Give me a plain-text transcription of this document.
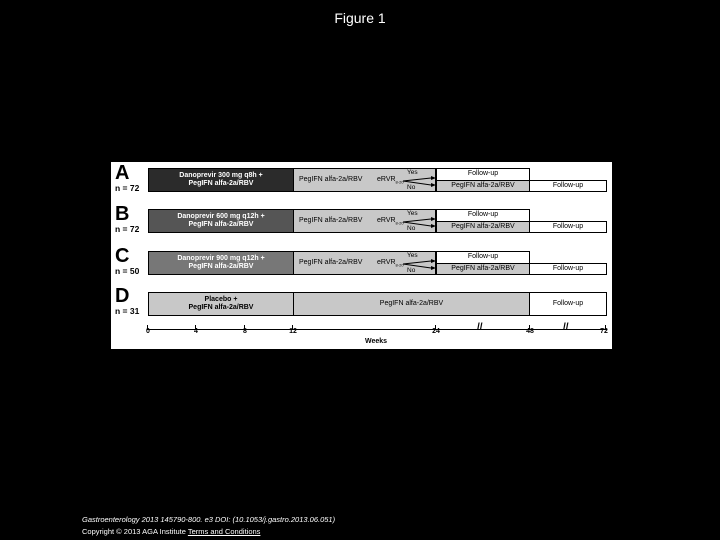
Figure 1
A
n = 72
Danoprevir 300 mg q8h +
PegIFN alfa-2a/RBV
PegIFN alfa-2a/RBV eRVR$_{8-20}$
Yes
No
Follow-up
PegIFN alfa-2a/RBV	Follow-up
B
n = 72
Danoprevir 600 mg q12h +
PegIFN alfa-2a/RBV
PegIFN alfa-2a/RBV eRVR$_{8-20}$
Yes
No
Follow-up
PegIFN alfa-2a/RBV	Follow-up
C
n = 50
Danoprevir 900 mg q12h +
PegIFN alfa-2a/RBV
PegIFN alfa-2a/RBV eRVR$_{8-20}$
Yes
No
Follow-up
PegIFN alfa-2a/RBV	Follow-up
D
n = 31
Placebo +
PegIFN alfa-2a/RBV
PegIFN alfa-2a/RBV	Follow-up
0	4	8	12	24	48	72
//	//
Weeks
Gastroenterology 2013 145790-800. e3 DOI: (10.1053/j.gastro.2013.06.051)
Copyright © 2013 AGA Institute Terms and Conditions
